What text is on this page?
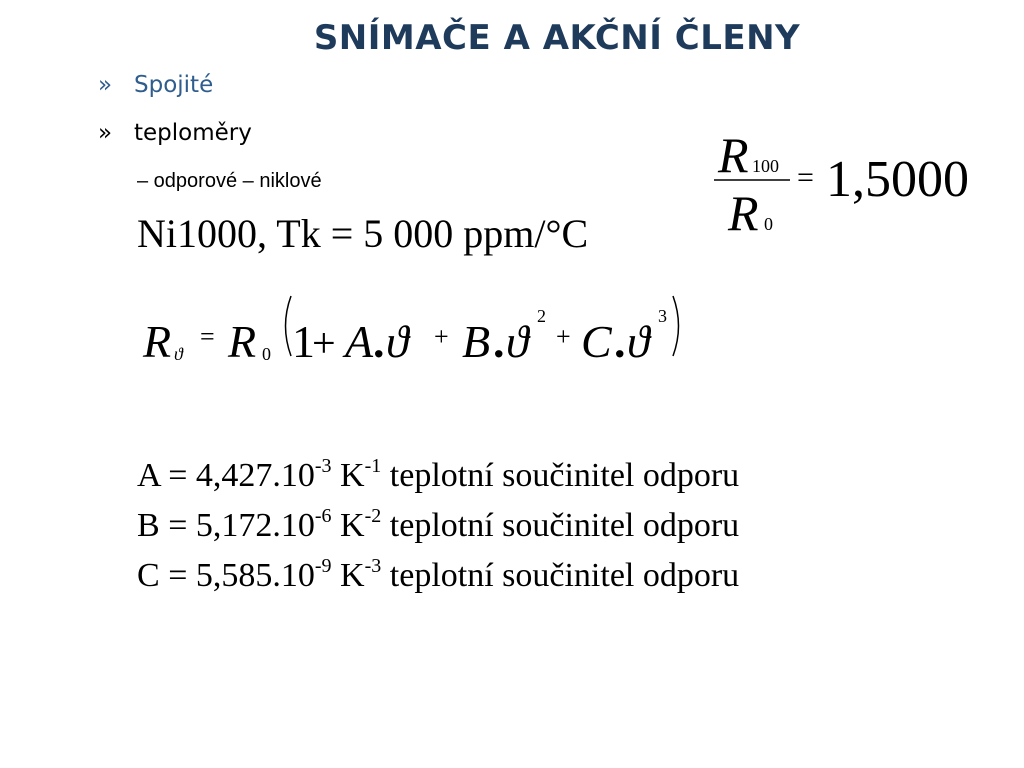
SNÍMAČE A AKČNÍ ČLENY
» Spojité
» teploměry
– odporové – niklové
Ni1000, Tk = 5 000 ppm/°C
R 100
R 0
= 1,5000
R ϑ
= R 0 1
+ A . ϑ + B . ϑ 2
+ C . ϑ 3
$A = 4,427.10^{-3}$ $K^{-1}$ teplotní součinitel odporu
$B = 5,172.10^{-6}$ $K^{-2}$ teplotní součinitel odporu
$C = 5,585.10^{-9}$ $K^{-3}$ teplotní součinitel odporu
